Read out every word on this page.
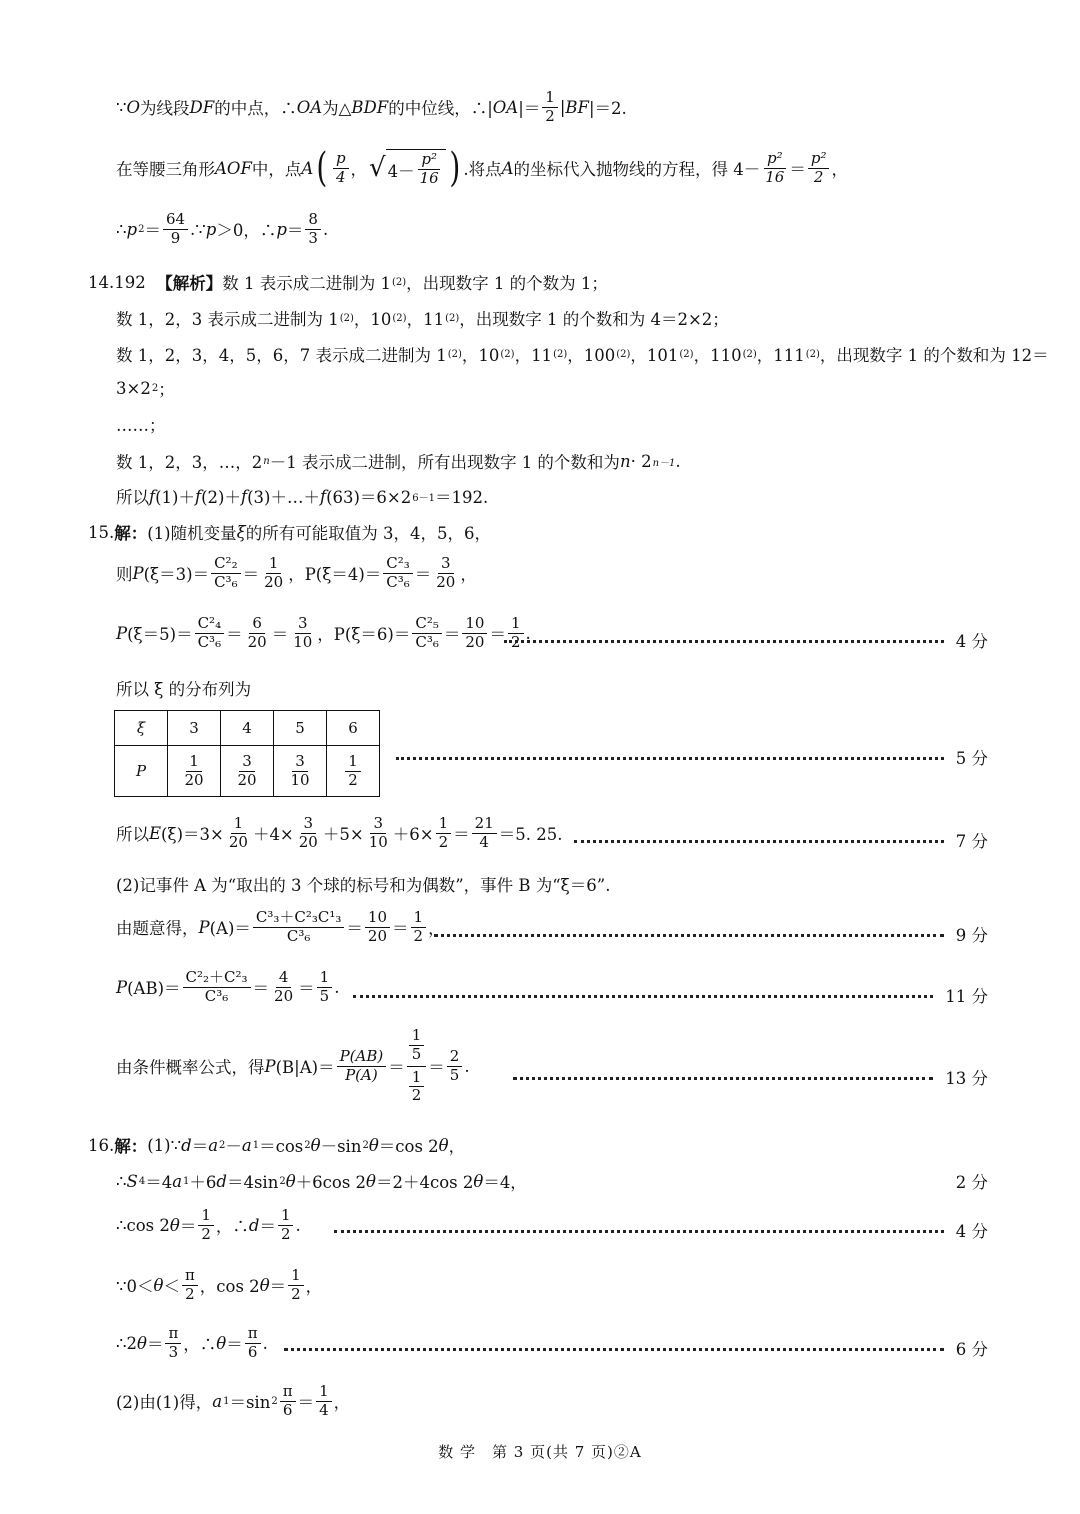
∵ O 为线段 DF 的中点，∴ OA 为△ BDF 的中位线，∴| OA |＝ $\frac{1}{2}$ | BF |＝2.
在等腰三角形 AOF 中，点 A ( $\frac{p}{4}$ ， √ $4- \frac{\text{p²}}{16}$ ) .将点 A 的坐标代入抛物线的方程，得 $4- \frac{\text{p²}}{16} = \frac{\text{p²}}{2}$ ，
∴ p $2 = \frac{64}{9}$ .∵ p ＞0，∴ $p = \frac{8}{3}$ .
14.192
【解析】 数 1 表示成二进制为 1 (2) ，出现数字 1 的个数为 1；
数 1，2，3 表示成二进制为 1 (2) ，10 (2) ，11 (2) ，出现数字 1 的个数和为 4＝2×2；
数 1，2，3，4，5，6，7 表示成二进制为 1 (2) ，10 (2) ，11 (2) ，100 (2) ，101 (2) ，110 (2) ，111 (2) ，出现数字 1 的个数和为 12＝
3×2 2 ；
……；
数 1，2，3，…，2 n －1 表示成二进制，所有出现数字 1 的个数和为 n · 2 n－1 .
所以 f (1)＋ f (2)＋ f (3)＋…＋ f (63)＝6×2 6－1 ＝192.
15. 解： (1)随机变量 ξ 的所有可能取值为 3，4，5，6，
则 P $(\xi=3)= \frac{\text{C²₂}}{\text{C³₆}} = \frac{1}{20}$ ，$P(\xi=4)= \frac{\text{C²₃}}{\text{C³₆}} = \frac{3}{20}$ ，
P $(\xi=5)= \frac{\text{C²₄}}{\text{C³₆}} = \frac{6}{20} = \frac{3}{10}$ ，$P(\xi=6)= \frac{\text{C²₅}}{\text{C³₆}} = \frac{10}{20} = \frac{1}{2}$ .	4 分
所以 ξ 的分布列为
ξ	3	4	5	6
P	$\frac{1}{20}$	$\frac{3}{20}$	$\frac{3}{10}$	$\frac{1}{2}$	5 分
所以 E $(\xi)=3\times \frac{1}{20} +4\times \frac{3}{20} +5\times \frac{3}{10} +6\times \frac{1}{2} = \frac{21}{4} =5$. 25.	7 分
(2)记事件 A 为“取出的 3 个球的标号和为偶数”，事件 B 为“ξ＝6”.
由题意得， P $(A)= \frac{\text{C³₃＋C²₃C¹₃}}{\text{C³₆}} = \frac{10}{20} = \frac{1}{2}$ ，	9 分
P $(AB)= \frac{\text{C²₂＋C²₃}}{\text{C³₆}} = \frac{4}{20} = \frac{1}{5}$ .	11 分
由条件概率公式，得 P $(B|A)= \frac{P(AB)}{P(A)}$ ＝
$\frac{1}{5}$
$\frac{1}{2}$
＝ $\frac{2}{5}$ .
13 分
16. 解： (1)∵ d ＝ a 2 － a 1 ＝cos 2 θ －sin 2 θ ＝cos 2 θ ，
∴ S 4 ＝4 a 1 ＋6 d ＝4sin 2 θ ＋6cos 2 θ ＝2＋4cos 2 θ ＝4，	2 分
∴cos 2 $\theta = \frac{1}{2}$ ，∴ $d = \frac{1}{2}$ .	4 分
∵0＜ $\theta < \frac{\pi}{2}$ ，cos 2 $\theta = \frac{1}{2}$ ，
∴2 $\theta = \frac{\pi}{3}$ ，∴ $\theta = \frac{\pi}{6}$ .	6 分
(2)由(1)得， a 1 ＝sin $2 \frac{\pi}{6} = \frac{1}{4}$ ，
数 学　第 3 页(共 7 页)②A
